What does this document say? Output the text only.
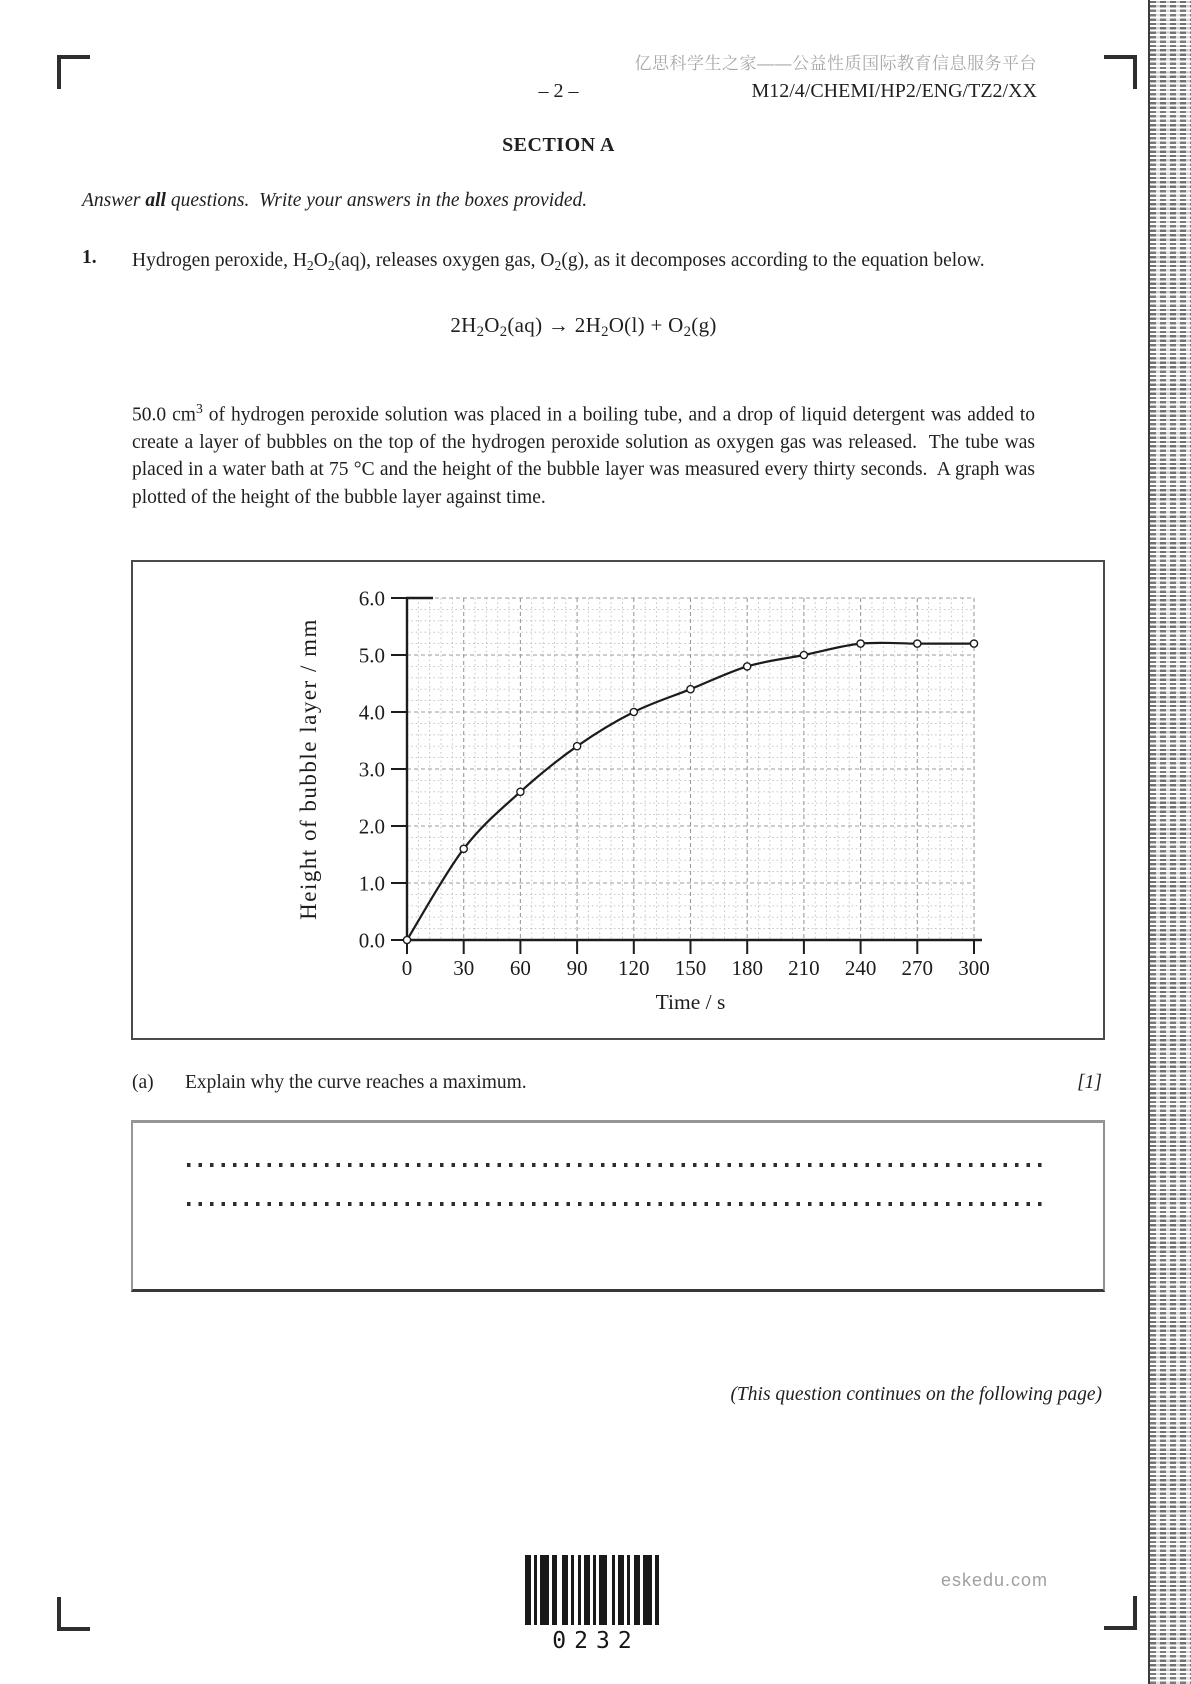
亿思科学生之家——公益性质国际教育信息服务平台
– 2 –	M12/4/CHEMI/HP2/ENG/TZ2/XX
SECTION A
Answer all questions.  Write your answers in the boxes provided.
1. Hydrogen peroxide, H2O2(aq), releases oxygen gas, O2(g), as it decomposes according to the equation below.
2H2O2(aq) → 2H2O(l) + O2(g)
50.0 $cm^3$ of hydrogen peroxide solution was placed in a boiling tube, and a drop of liquid detergent was added to create a layer of bubbles on the top of the hydrogen peroxide solution as oxygen gas was released.  The tube was placed in a water bath at 75 °C and the height of the bubble layer was measured every thirty seconds.  A graph was plotted of the height of the bubble layer against time.
0 30 60 90 120 150 180 210 240 270 300
0.0
1.0
2.0
3.0
4.0
5.0
6.0
Time / s
Height of bubble layer / mm
(a) Explain why the curve reaches a maximum.	[1]
(This question continues on the following page)
0232
eskedu.com
